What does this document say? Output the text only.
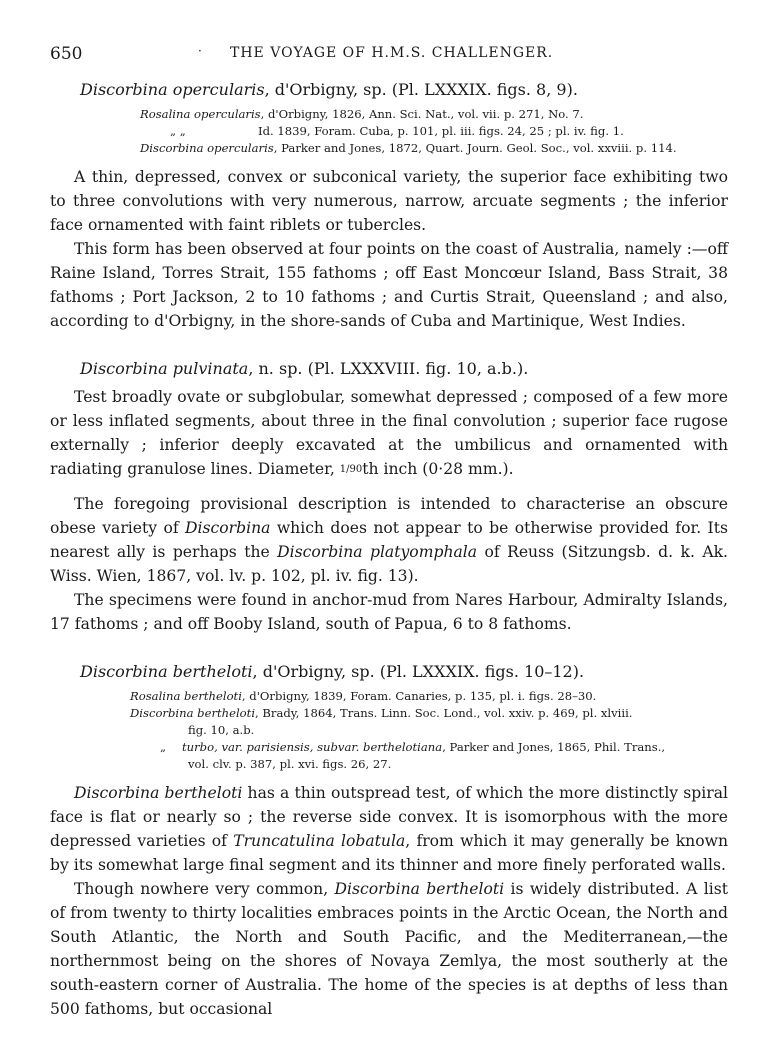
650	· THE VOYAGE OF H.M.S. CHALLENGER.

Discorbina opercularis, d'Orbigny, sp. (Pl. LXXXIX. figs. 8, 9).

Rosalina opercularis, d'Orbigny, 1826, Ann. Sci. Nat., vol. vii. p. 271, No. 7.

„ „	Id. 1839, Foram. Cuba, p. 101, pl. iii. figs. 24, 25 ; pl. iv. fig. 1.

Discorbina opercularis, Parker and Jones, 1872, Quart. Journ. Geol. Soc., vol. xxviii. p. 114.

A thin, depressed, convex or subconical variety, the superior face exhibiting two to three convolutions with very numerous, narrow, arcuate segments ; the inferior face ornamented with faint riblets or tubercles.

This form has been observed at four points on the coast of Australia, namely :—off Raine Island, Torres Strait, 155 fathoms ; off East Moncœur Island, Bass Strait, 38 fathoms ; Port Jackson, 2 to 10 fathoms ; and Curtis Strait, Queensland ; and also, according to d'Orbigny, in the shore-sands of Cuba and Martinique, West Indies.

Discorbina pulvinata, n. sp. (Pl. LXXXVIII. fig. 10, a.b.).

Test broadly ovate or subglobular, somewhat depressed ; composed of a few more or less inflated segments, about three in the final convolution ; superior face rugose externally ; inferior deeply excavated at the umbilicus and ornamented with radiating granulose lines. Diameter, 1/90th inch (0·28 mm.).

The foregoing provisional description is intended to characterise an obscure obese variety of Discorbina which does not appear to be otherwise provided for. Its nearest ally is perhaps the Discorbina platyomphala of Reuss (Sitzungsb. d. k. Ak. Wiss. Wien, 1867, vol. lv. p. 102, pl. iv. fig. 13).

The specimens were found in anchor-mud from Nares Harbour, Admiralty Islands, 17 fathoms ; and off Booby Island, south of Papua, 6 to 8 fathoms.

Discorbina bertheloti, d'Orbigny, sp. (Pl. LXXXIX. figs. 10–12).

Rosalina bertheloti, d'Orbigny, 1839, Foram. Canaries, p. 135, pl. i. figs. 28–30.

Discorbina bertheloti, Brady, 1864, Trans. Linn. Soc. Lond., vol. xxiv. p. 469, pl. xlviii.

fig. 10, a.b.

„ turbo, var. parisiensis, subvar. berthelotiana, Parker and Jones, 1865, Phil. Trans.,

vol. clv. p. 387, pl. xvi. figs. 26, 27.

Discorbina bertheloti has a thin outspread test, of which the more distinctly spiral face is flat or nearly so ; the reverse side convex. It is isomorphous with the more depressed varieties of Truncatulina lobatula, from which it may generally be known by its somewhat large final segment and its thinner and more finely perforated walls.

Though nowhere very common, Discorbina bertheloti is widely distributed. A list of from twenty to thirty localities embraces points in the Arctic Ocean, the North and South Atlantic, the North and South Pacific, and the Mediterranean,—the northernmost being on the shores of Novaya Zemlya, the most southerly at the south-eastern corner of Australia. The home of the species is at depths of less than 500 fathoms, but occasional
